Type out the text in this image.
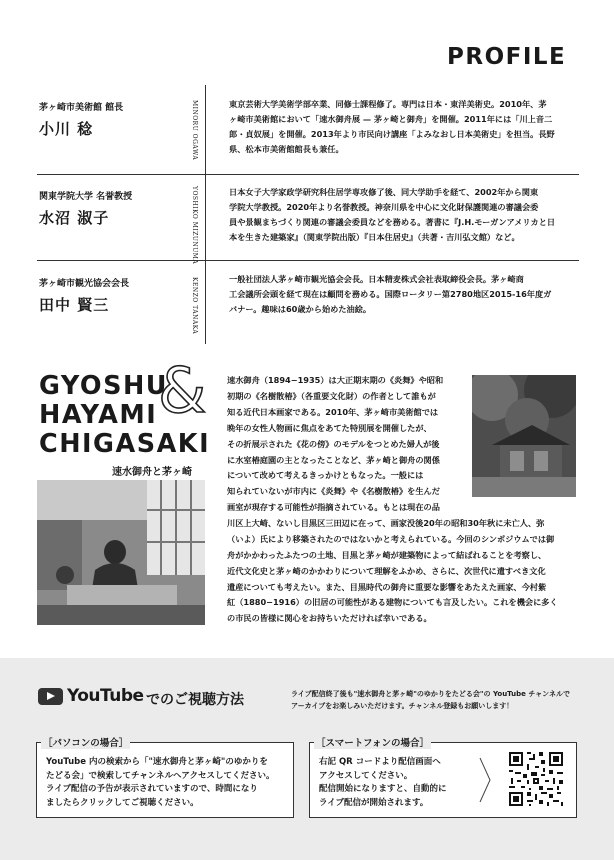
PROFILE
茅ヶ崎市美術館 館長
小川 稔	MINORU OGAWA	東京芸術大学美術学部卒業、同修士課程修了。専門は日本・東洋美術史。2010年、茅
ヶ崎市美術館において「速水御舟展 — 茅ヶ崎と御舟」を開催。2011年には「川上音二
郎・貞奴展」を開催。2013年より市民向け講座「よみなおし日本美術史」を担当。長野
県、松本市美術館館長も兼任。
関東学院大学 名誉教授
水沼 淑子	YOSHIKO MIZUNUMA	日本女子大学家政学研究科住居学専攻修了後、同大学助手を経て、2002年から関東
学院大学教授。2020年より名誉教授。神奈川県を中心に文化財保護関連の審議会委
員や景観まちづくり関連の審議会委員などを務める。著書に『J.H.モーガンアメリカと日
本を生きた建築家』（関東学院出版）『日本住居史』（共著・吉川弘文館）など。
茅ヶ崎市観光協会会長
田中 賢三	KENZO TANAKA	一般社団法人茅ヶ崎市観光協会会長。日本精麦株式会社表取締役会長。茅ヶ崎商
工会議所会頭を経て現在は顧問を務める。国際ロータリー第2780地区2015-16年度ガ
バナー。趣味は60歳から始めた油絵。
&
GYOSHU
HAYAMI
CHIGASAKI
速水御舟と茅ヶ崎
速水御舟（1894−1935）は大正期末期の《炎舞》や昭和
初期の《名樹散椿》（各重要文化財）の作者として誰もが
知る近代日本画家である。2010年、茅ヶ崎市美術館では
晩年の女性人物画に焦点をあてた特別展を開催したが、
その折展示された《花の傍》のモデルをつとめた婦人が後
に水室椿庭園の主となったことなど、茅ヶ崎と御舟の関係
について改めて考えるきっかけともなった。一般には
知られていないが市内に《炎舞》や《名樹散椿》を生んだ
画室が現存する可能性が指摘されている。もとは現在の品
川区上大崎、ないし目黒区三田辺に在って、画家没後20年の昭和30年秋に未亡人、弥
（いよ）氏により移築されたのではないかと考えられている。今回のシンポジウムでは御
舟がかかわったふたつの土地、目黒と茅ヶ崎が建築物によって結ばれることを考察し、
近代文化史と茅ヶ崎のかかわりについて理解をふかめ、さらに、次世代に遺すべき文化
遺産についても考えたい。また、目黒時代の御舟に重要な影響をあたえた画家、今村紫
紅（1880−1916）の旧居の可能性がある建物についても言及したい。これを機会に多く
の市民の皆様に関心をお持ちいただければ幸いである。
YouTube でのご視聴方法	ライブ配信終了後も"速水御舟と茅ヶ崎"のゆかりをたどる会"の YouTube チャンネルで
アーカイブをお楽しみいただけます。チャンネル登録もお願いします！
［パソコンの場合］
YouTube 内の検索から「"速水御舟と茅ヶ崎"のゆかりを
たどる会」で検索してチャンネルへアクセスしてください。
ライブ配信の予告が表示されていますので、時間になり
ましたらクリックしてご視聴ください。
［スマートフォンの場合］
右記 QR コードより配信画面へ
アクセスしてください。
配信開始になりますと、自動的に
ライブ配信が開始されます。
